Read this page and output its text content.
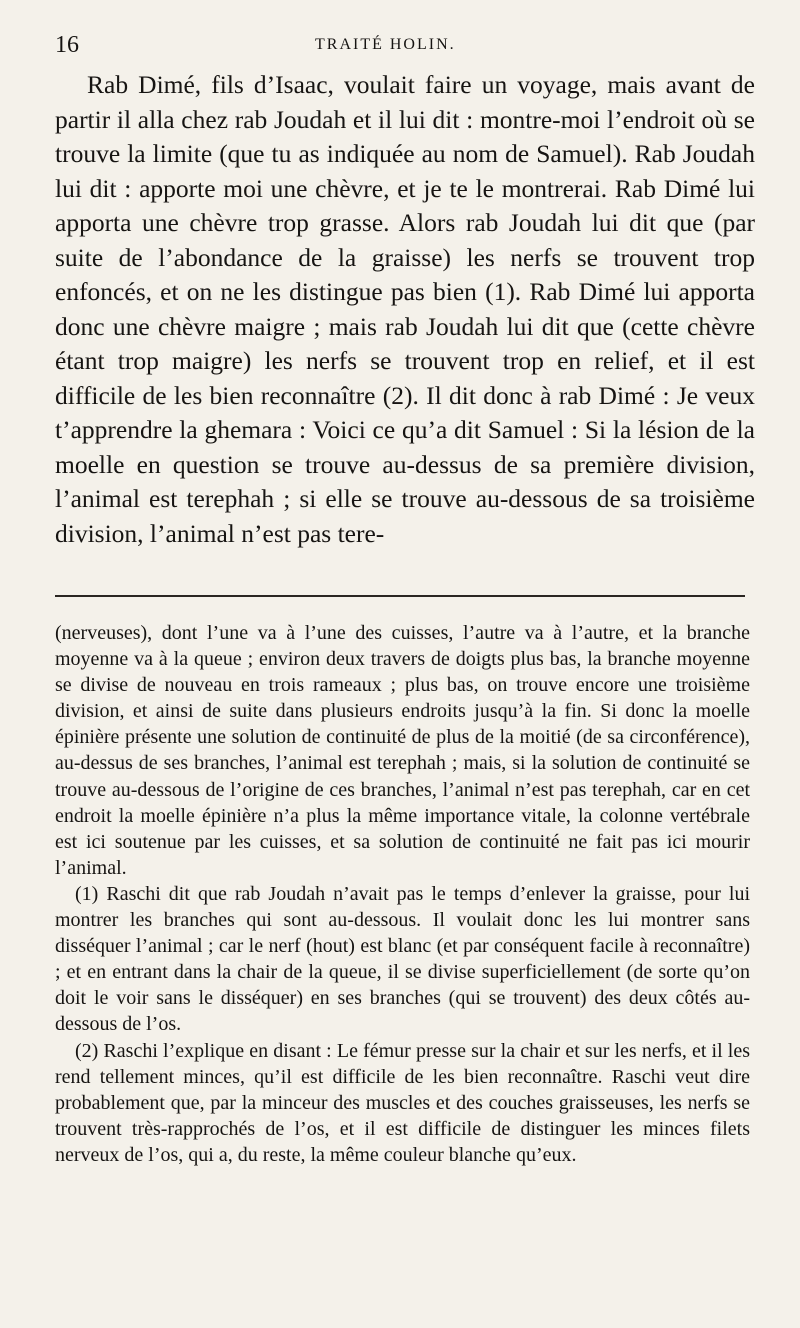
16	TRAITÉ HOLIN.

Rab Dimé, fils d’Isaac, voulait faire un voyage, mais avant de partir il alla chez rab Joudah et il lui dit : montre-moi l’endroit où se trouve la limite (que tu as indiquée au nom de Samuel). Rab Joudah lui dit : apporte moi une chèvre, et je te le montrerai. Rab Dimé lui apporta une chèvre trop grasse. Alors rab Joudah lui dit que (par suite de l’abondance de la graisse) les nerfs se trouvent trop enfoncés, et on ne les distingue pas bien (1). Rab Dimé lui apporta donc une chèvre maigre ; mais rab Joudah lui dit que (cette chèvre étant trop maigre) les nerfs se trouvent trop en relief, et il est difficile de les bien reconnaître (2). Il dit donc à rab Dimé : Je veux t’apprendre la ghemara : Voici ce qu’a dit Samuel : Si la lésion de la moelle en question se trouve au-dessus de sa première division, l’animal est terephah ; si elle se trouve au-dessous de sa troisième division, l’animal n’est pas tere-

(nerveuses), dont l’une va à l’une des cuisses, l’autre va à l’autre, et la branche moyenne va à la queue ; environ deux travers de doigts plus bas, la branche moyenne se divise de nouveau en trois rameaux ; plus bas, on trouve encore une troisième division, et ainsi de suite dans plusieurs endroits jusqu’à la fin. Si donc la moelle épinière présente une solution de continuité de plus de la moitié (de sa circonférence), au-dessus de ses branches, l’animal est terephah ; mais, si la solution de continuité se trouve au-dessous de l’origine de ces branches, l’animal n’est pas terephah, car en cet endroit la moelle épinière n’a plus la même importance vitale, la colonne vertébrale est ici soutenue par les cuisses, et sa solution de continuité ne fait pas ici mourir l’animal.

(1) Raschi dit que rab Joudah n’avait pas le temps d’enlever la graisse, pour lui montrer les branches qui sont au-dessous. Il voulait donc les lui montrer sans disséquer l’animal ; car le nerf (hout) est blanc (et par conséquent facile à reconnaître) ; et en entrant dans la chair de la queue, il se divise superficiellement (de sorte qu’on doit le voir sans le disséquer) en ses branches (qui se trouvent) des deux côtés au-dessous de l’os.

(2) Raschi l’explique en disant : Le fémur presse sur la chair et sur les nerfs, et il les rend tellement minces, qu’il est difficile de les bien reconnaître. Raschi veut dire probablement que, par la minceur des muscles et des couches graisseuses, les nerfs se trouvent très-rapprochés de l’os, et il est difficile de distinguer les minces filets nerveux de l’os, qui a, du reste, la même couleur blanche qu’eux.
